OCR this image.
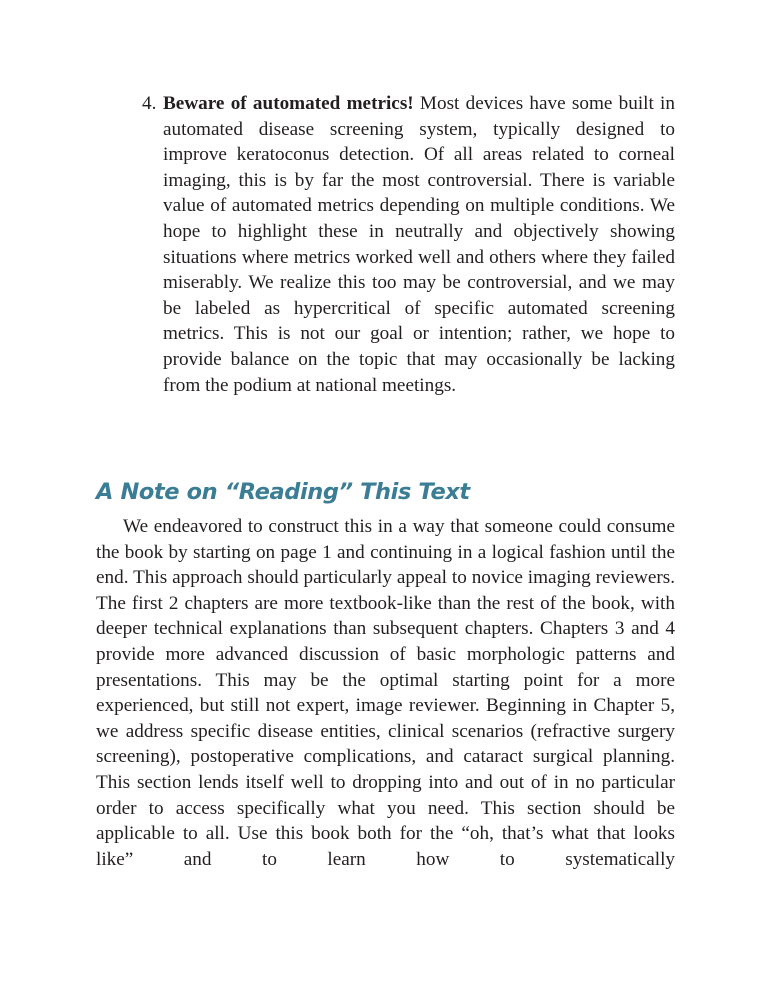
4. Beware of automated metrics! Most devices have some built in automated disease screening system, typically designed to improve keratoconus detection. Of all areas related to corneal imaging, this is by far the most controversial. There is variable value of automated metrics depending on multiple conditions. We hope to highlight these in neutrally and objectively showing situations where metrics worked well and others where they failed miserably. We realize this too may be controversial, and we may be labeled as hypercritical of specific automated screening metrics. This is not our goal or intention; rather, we hope to provide balance on the topic that may occasionally be lacking from the podium at national meetings.

A Note on “Reading” This Text

We endeavored to construct this in a way that someone could consume the book by starting on page 1 and continuing in a logical fashion until the end. This approach should particularly appeal to novice imaging reviewers. The first 2 chapters are more textbook-like than the rest of the book, with deeper technical explanations than subsequent chapters. Chapters 3 and 4 provide more advanced discussion of basic morphologic patterns and presentations. This may be the optimal starting point for a more experienced, but still not expert, image reviewer. Beginning in Chapter 5, we address specific disease entities, clinical scenarios (refractive surgery screening), postoperative complications, and cataract surgical planning. This section lends itself well to dropping into and out of in no particular order to access specifically what you need. This section should be applicable to all. Use this book both for the “oh, that’s what that looks like” and to learn how to systematically
